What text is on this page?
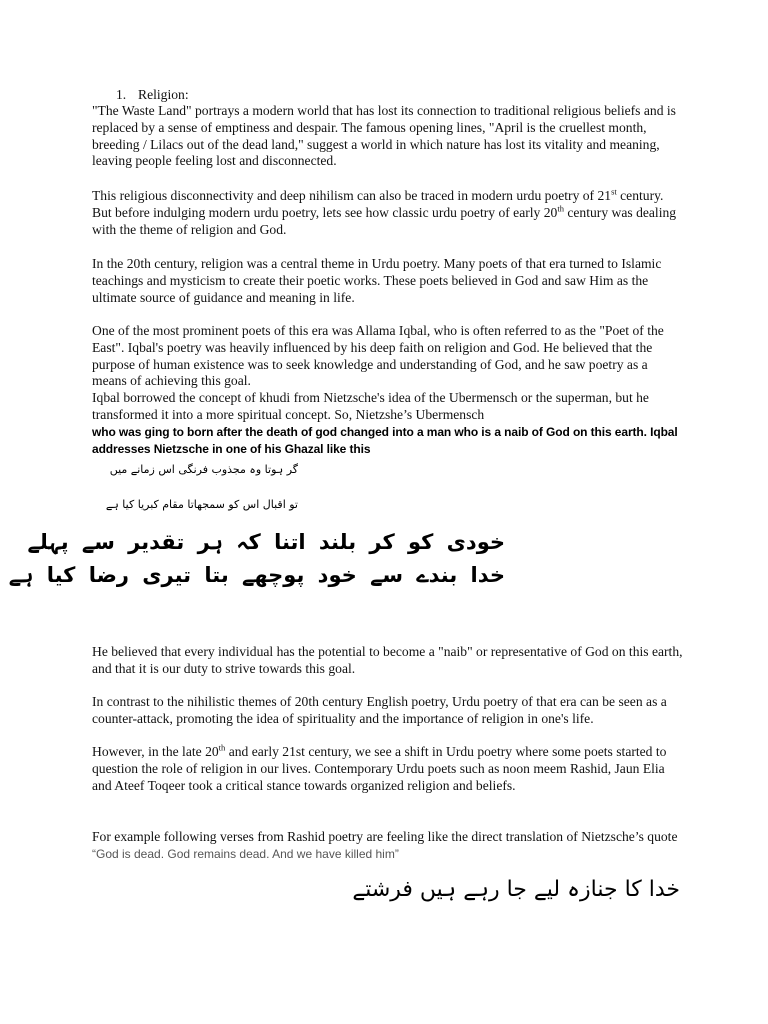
1. Religion:

"The Waste Land" portrays a modern world that has lost its connection to traditional religious beliefs and is replaced by a sense of emptiness and despair. The famous opening lines, "April is the cruellest month, breeding / Lilacs out of the dead land," suggest a world in which nature has lost its vitality and meaning, leaving people feeling lost and disconnected.

This religious disconnectivity and deep nihilism can also be traced in modern urdu poetry of 21st century. But before indulging modern urdu poetry, lets see how classic urdu poetry of early 20th century was dealing with the theme of religion and God.

In the 20th century, religion was a central theme in Urdu poetry. Many poets of that era turned to Islamic teachings and mysticism to create their poetic works. These poets believed in God and saw Him as the ultimate source of guidance and meaning in life.

One of the most prominent poets of this era was Allama Iqbal, who is often referred to as the "Poet of the East". Iqbal's poetry was heavily influenced by his deep faith on religion and God. He believed that the purpose of human existence was to seek knowledge and understanding of God, and he saw poetry as a means of achieving this goal.

Iqbal borrowed the concept of khudi from Nietzsche's idea of the Ubermensch or the superman, but he transformed it into a more spiritual concept. So, Nietzshe’s Ubermensch

who was ging to born after the death of god changed into a man who is a naib of God on this earth. Iqbal addresses Nietzsche in one of his Ghazal like this

گر ہوتا وہ مجذوب فرنگی اس زمانے میں

تو اقبال اس کو سمجھاتا مقام کبریا کیا ہے

خودی کو کر بلند اتنا کہ ہر تقدیر سے پہلے

خدا بندے سے خود پوچھے بتا تیری رضا کیا ہے

He believed that every individual has the potential to become a "naib" or representative of God on this earth, and that it is our duty to strive towards this goal.

In contrast to the nihilistic themes of 20th century English poetry, Urdu poetry of that era can be seen as a counter-attack, promoting the idea of spirituality and the importance of religion in one's life.

However, in the late 20th and early 21st century, we see a shift in Urdu poetry where some poets started to question the role of religion in our lives. Contemporary Urdu poets such as noon meem Rashid, Jaun Elia and Ateef Toqeer took a critical stance towards organized religion and beliefs.

For example following verses from Rashid poetry are feeling like the direct translation of Nietzsche’s quote “God is dead. God remains dead. And we have killed him”

خدا کا جنازہ لیے جا رہے ہیں فرشتے
